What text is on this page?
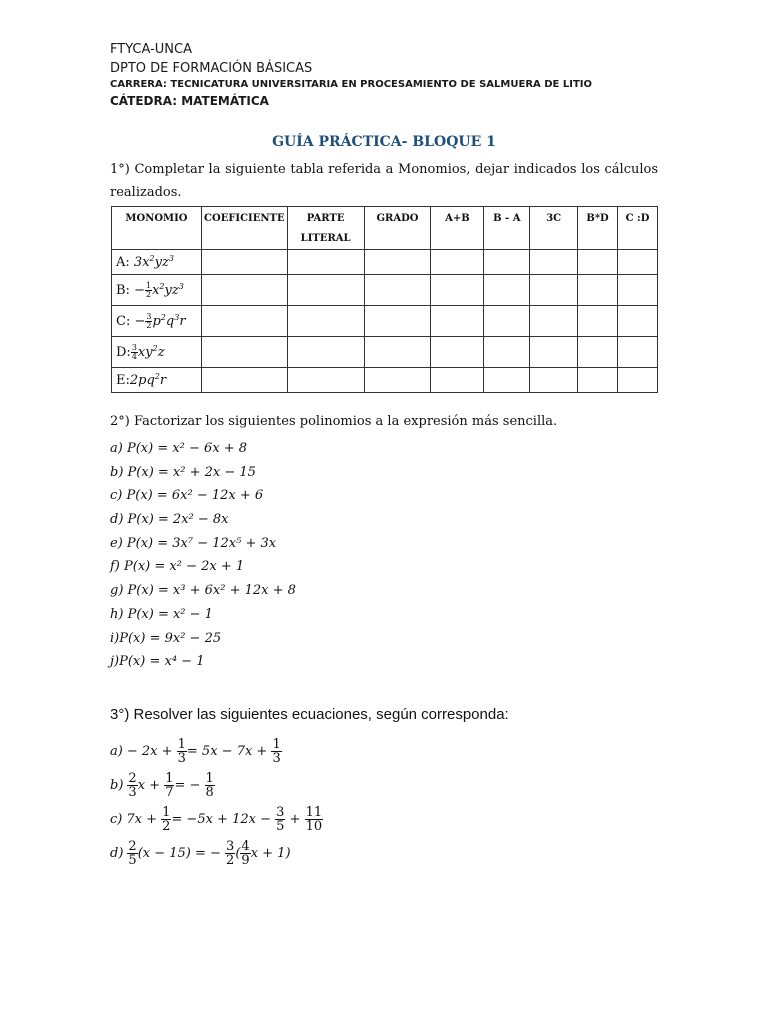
FTYCA-UNCA
DPTO DE FORMACIÓN BÁSICAS
CARRERA: TECNICATURA UNIVERSITARIA EN PROCESAMIENTO DE SALMUERA DE LITIO
CÁTEDRA: MATEMÁTICA
GUÍA PRÁCTICA- BLOQUE 1
1°) Completar la siguiente tabla referida a Monomios, dejar indicados los cálculos realizados.
MONOMIO	COEFICIENTE	PARTE LITERAL	GRADO	A+B	B - A	3C	B*D	C :D
A: $3x^2yz^3$								
B: − $\frac{1}{2} x^2yz^3$								
C: − $\frac{3}{2} p^2q^3r$								
D: $\frac{3}{4} xy^2z$								
$E:2pq^2r$								
2°) Factorizar los siguientes polinomios a la expresión más sencilla.
a) P(x) = x² − 6x + 8
b) P(x) = x² + 2x − 15
c) P(x) = 6x² − 12x + 6
d) P(x) = 2x² − 8x
e) P(x) = 3x⁷ − 12x⁵ + 3x
f) P(x) = x² − 2x + 1
g) P(x) = x³ + 6x² + 12x + 8
h) P(x) = x² − 1
i)P(x) = 9x² − 25
j)P(x) = x⁴ − 1
3°) Resolver las siguientes ecuaciones, según corresponda:
$a) - 2x + \frac{1}{3} = 5x - 7x + \frac{1}{3}$
$b) \frac{2}{3}$ $x + \frac{1}{7}$ = − $\frac{1}{8}$
c) $7x + \frac{1}{2} = -5x + 12x - \frac{3}{5} + \frac{11}{10}$
$d) \frac{2}{5} (x - 15)$ = − $\frac{3}{2}$ ( $\frac{4}{9}$ x + 1)
